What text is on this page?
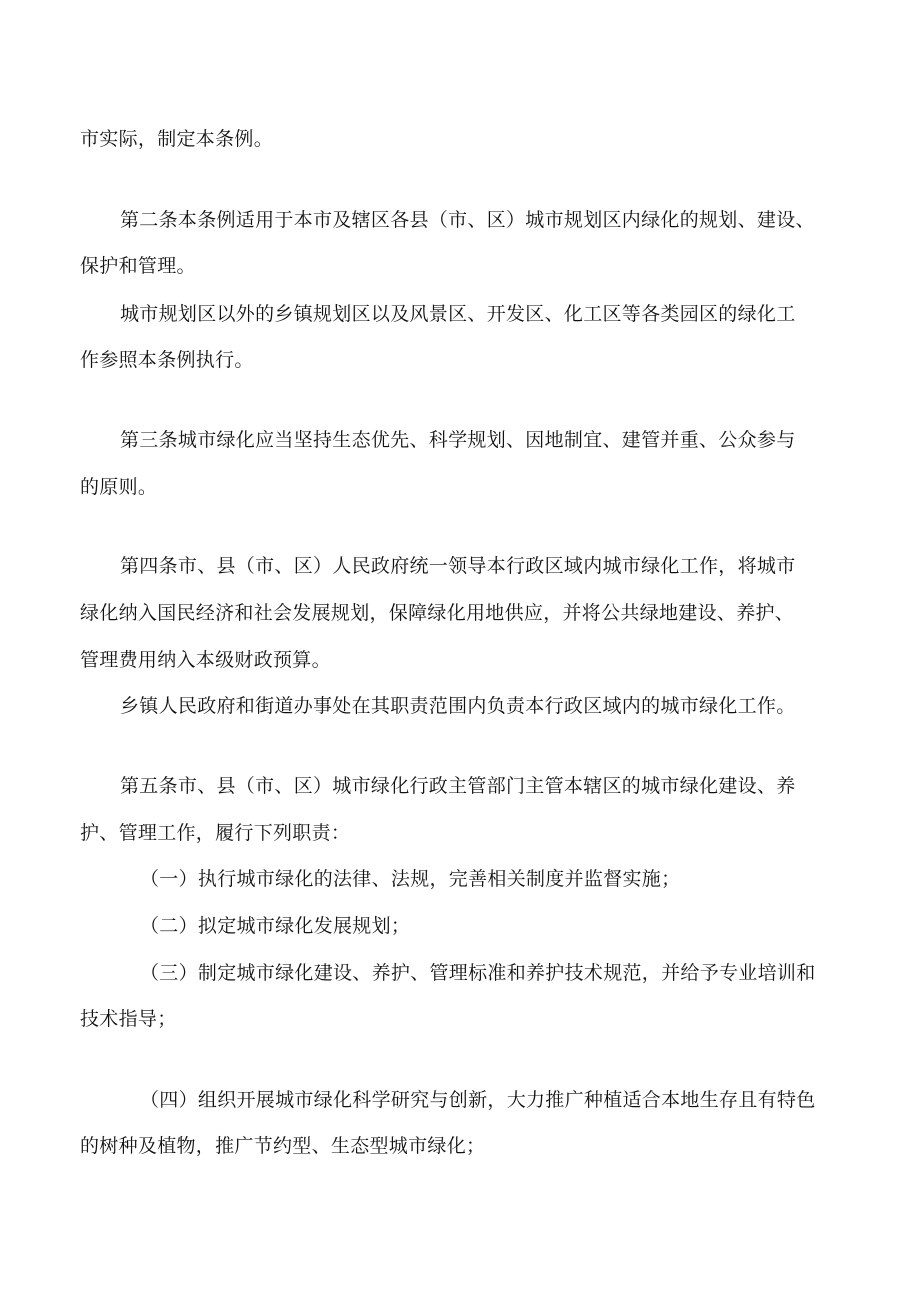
市实际，制定本条例。
第二条本条例适用于本市及辖区各县（市、区）城市规划区内绿化的规划、建设、
保护和管理。
城市规划区以外的乡镇规划区以及风景区、开发区、化工区等各类园区的绿化工
作参照本条例执行。
第三条城市绿化应当坚持生态优先、科学规划、因地制宜、建管并重、公众参与
的原则。
第四条市、县（市、区）人民政府统一领导本行政区域内城市绿化工作，将城市
绿化纳入国民经济和社会发展规划，保障绿化用地供应，并将公共绿地建设、养护、
管理费用纳入本级财政预算。
乡镇人民政府和街道办事处在其职责范围内负责本行政区域内的城市绿化工作。
第五条市、县（市、区）城市绿化行政主管部门主管本辖区的城市绿化建设、养
护、管理工作，履行下列职责：
（一）执行城市绿化的法律、法规，完善相关制度并监督实施；
（二）拟定城市绿化发展规划；
（三）制定城市绿化建设、养护、管理标准和养护技术规范，并给予专业培训和
技术指导；
（四）组织开展城市绿化科学研究与创新，大力推广种植适合本地生存且有特色
的树种及植物，推广节约型、生态型城市绿化；
